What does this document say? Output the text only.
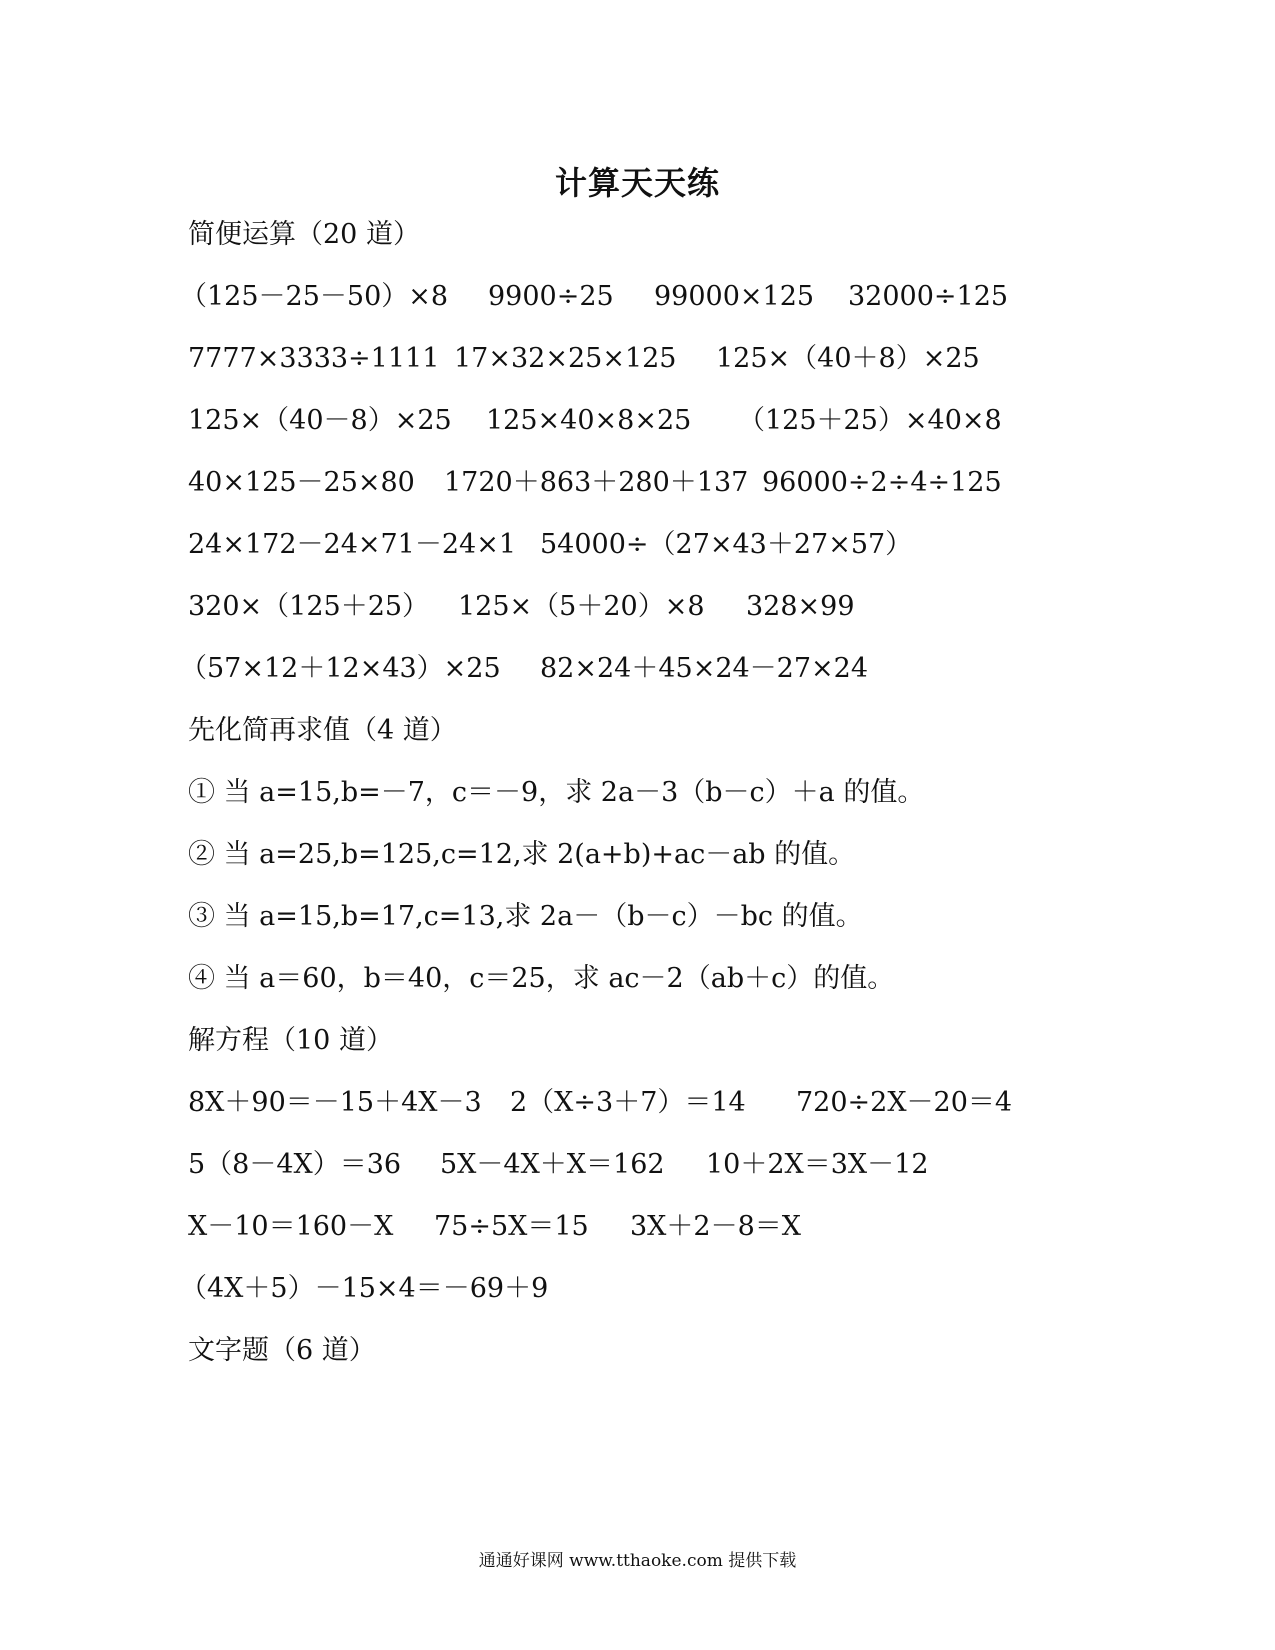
计算天天练
简便运算（20 道）
（125－25－50）×8 9900÷25 99000×125 32000÷125
7777×3333÷1111 17×32×25×125 125×（40＋8）×25
125×（40－8）×25 125×40×8×25 （125＋25）×40×8
40×125－25×80 1720＋863＋280＋137 96000÷2÷4÷125
24×172－24×71－24×1 54000÷（27×43＋27×57）
320×（125＋25） 125×（5＋20）×8 328×99
（57×12＋12×43）×25 82×24＋45×24－27×24
先化简再求值（4 道）
① 当 a=15,b=－7，c＝－9，求 2a－3（b－c）＋a 的值。
② 当 a=25,b=125,c=12,求 2(a+b)+ac－ab 的值。
③ 当 a=15,b=17,c=13,求 2a－（b－c）－bc 的值。
④ 当 a＝60，b＝40，c＝25，求 ac－2（ab＋c）的值。
解方程（10 道）
8X＋90＝－15＋4X－3 2（X÷3＋7）＝14 720÷2X－20＝4
5（8－4X）＝36 5X－4X＋X＝162 10＋2X＝3X－12
X－10＝160－X 75÷5X＝15 3X＋2－8＝X
（4X＋5）－15×4＝－69＋9
文字题（6 道）
通通好课网 www.tthaoke.com 提供下载
